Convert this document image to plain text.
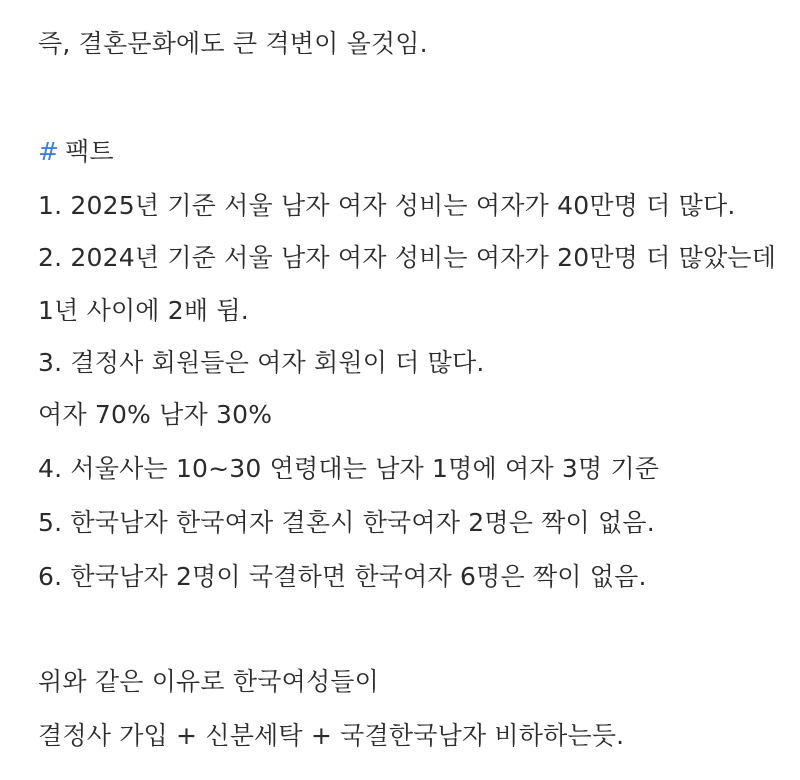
즉, 결혼문화에도 큰 격변이 올것임.
# 팩트
1. 2025년 기준 서울 남자 여자 성비는 여자가 40만명 더 많다.
2. 2024년 기준 서울 남자 여자 성비는 여자가 20만명 더 많았는데
1년 사이에 2배 뒴.
3. 결정사 회원들은 여자 회원이 더 많다.
여자 70% 남자 30%
4. 서울사는 10~30 연령대는 남자 1명에 여자 3명 기준
5. 한국남자 한국여자 결혼시 한국여자 2명은 짝이 없음.
6. 한국남자 2명이 국결하면 한국여자 6명은 짝이 없음.
위와 같은 이유로 한국여성들이
결정사 가입 + 신분세탁 + 국결한국남자 비하하는듯.
